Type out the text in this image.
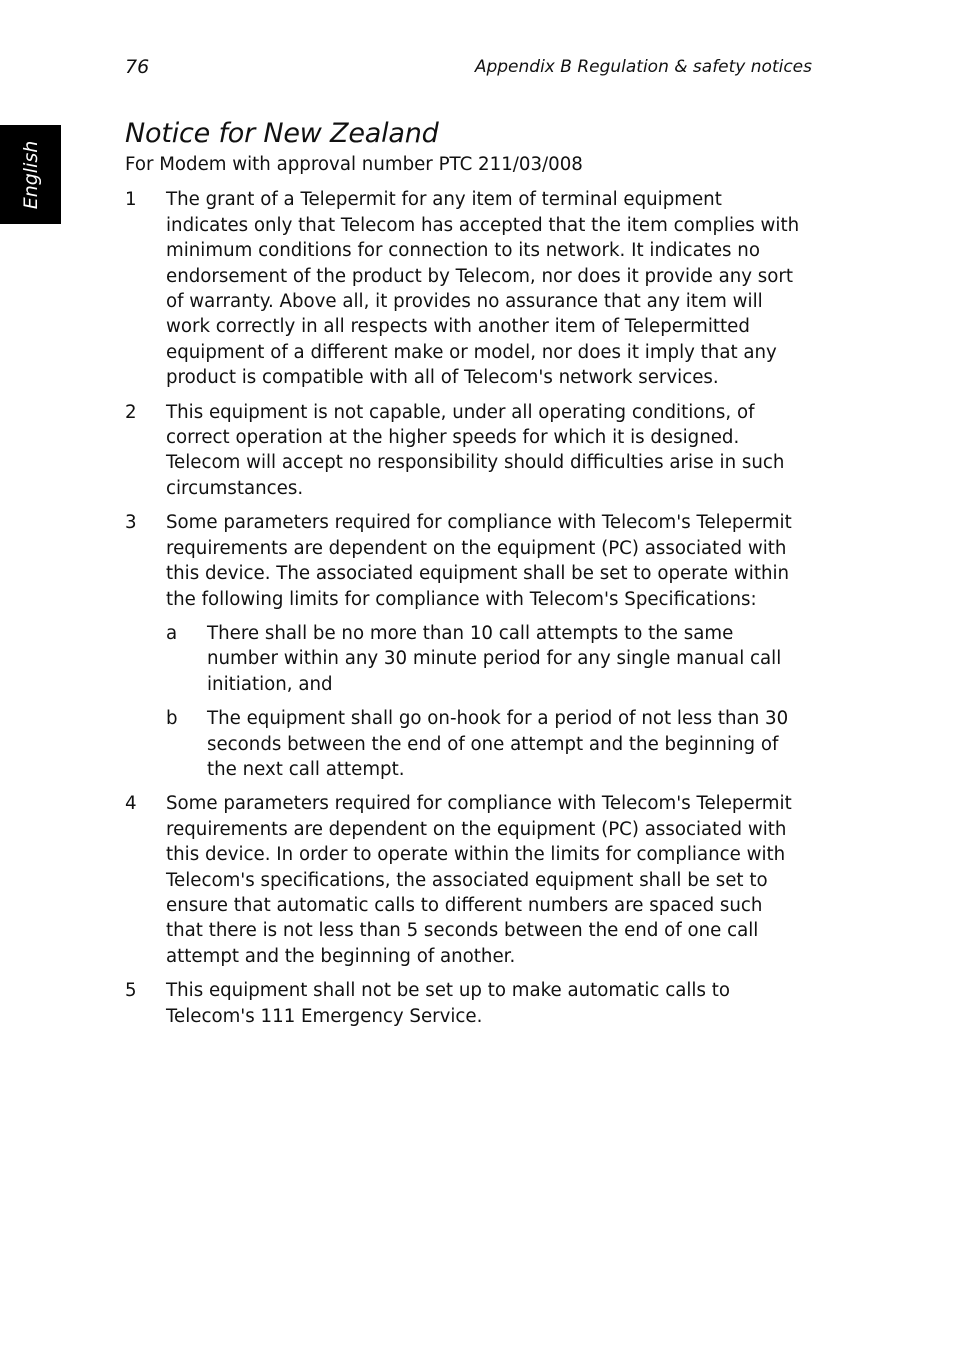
76	Appendix B Regulation & safety notices
English
Notice for New Zealand

For Modem with approval number PTC 211/03/008

1	The grant of a Telepermit for any item of terminal equipment indicates only that Telecom has accepted that the item complies with minimum conditions for connection to its network. It indicates no endorsement of the product by Telecom, nor does it provide any sort of warranty. Above all, it provides no assurance that any item will work correctly in all respects with another item of Telepermitted equipment of a different make or model, nor does it imply that any product is compatible with all of Telecom's network services.
2	This equipment is not capable, under all operating conditions, of correct operation at the higher speeds for which it is designed. Telecom will accept no responsibility should difficulties arise in such circumstances.
3	Some parameters required for compliance with Telecom's Telepermit requirements are dependent on the equipment (PC) associated with this device. The associated equipment shall be set to operate within the following limits for compliance with Telecom's Specifications:
a	There shall be no more than 10 call attempts to the same number within any 30 minute period for any single manual call initiation, and
b	The equipment shall go on-hook for a period of not less than 30 seconds between the end of one attempt and the beginning of the next call attempt.
4	Some parameters required for compliance with Telecom's Telepermit requirements are dependent on the equipment (PC) associated with this device. In order to operate within the limits for compliance with Telecom's specifications, the associated equipment shall be set to ensure that automatic calls to different numbers are spaced such that there is not less than 5 seconds between the end of one call attempt and the beginning of another.
5	This equipment shall not be set up to make automatic calls to Telecom's 111 Emergency Service.
